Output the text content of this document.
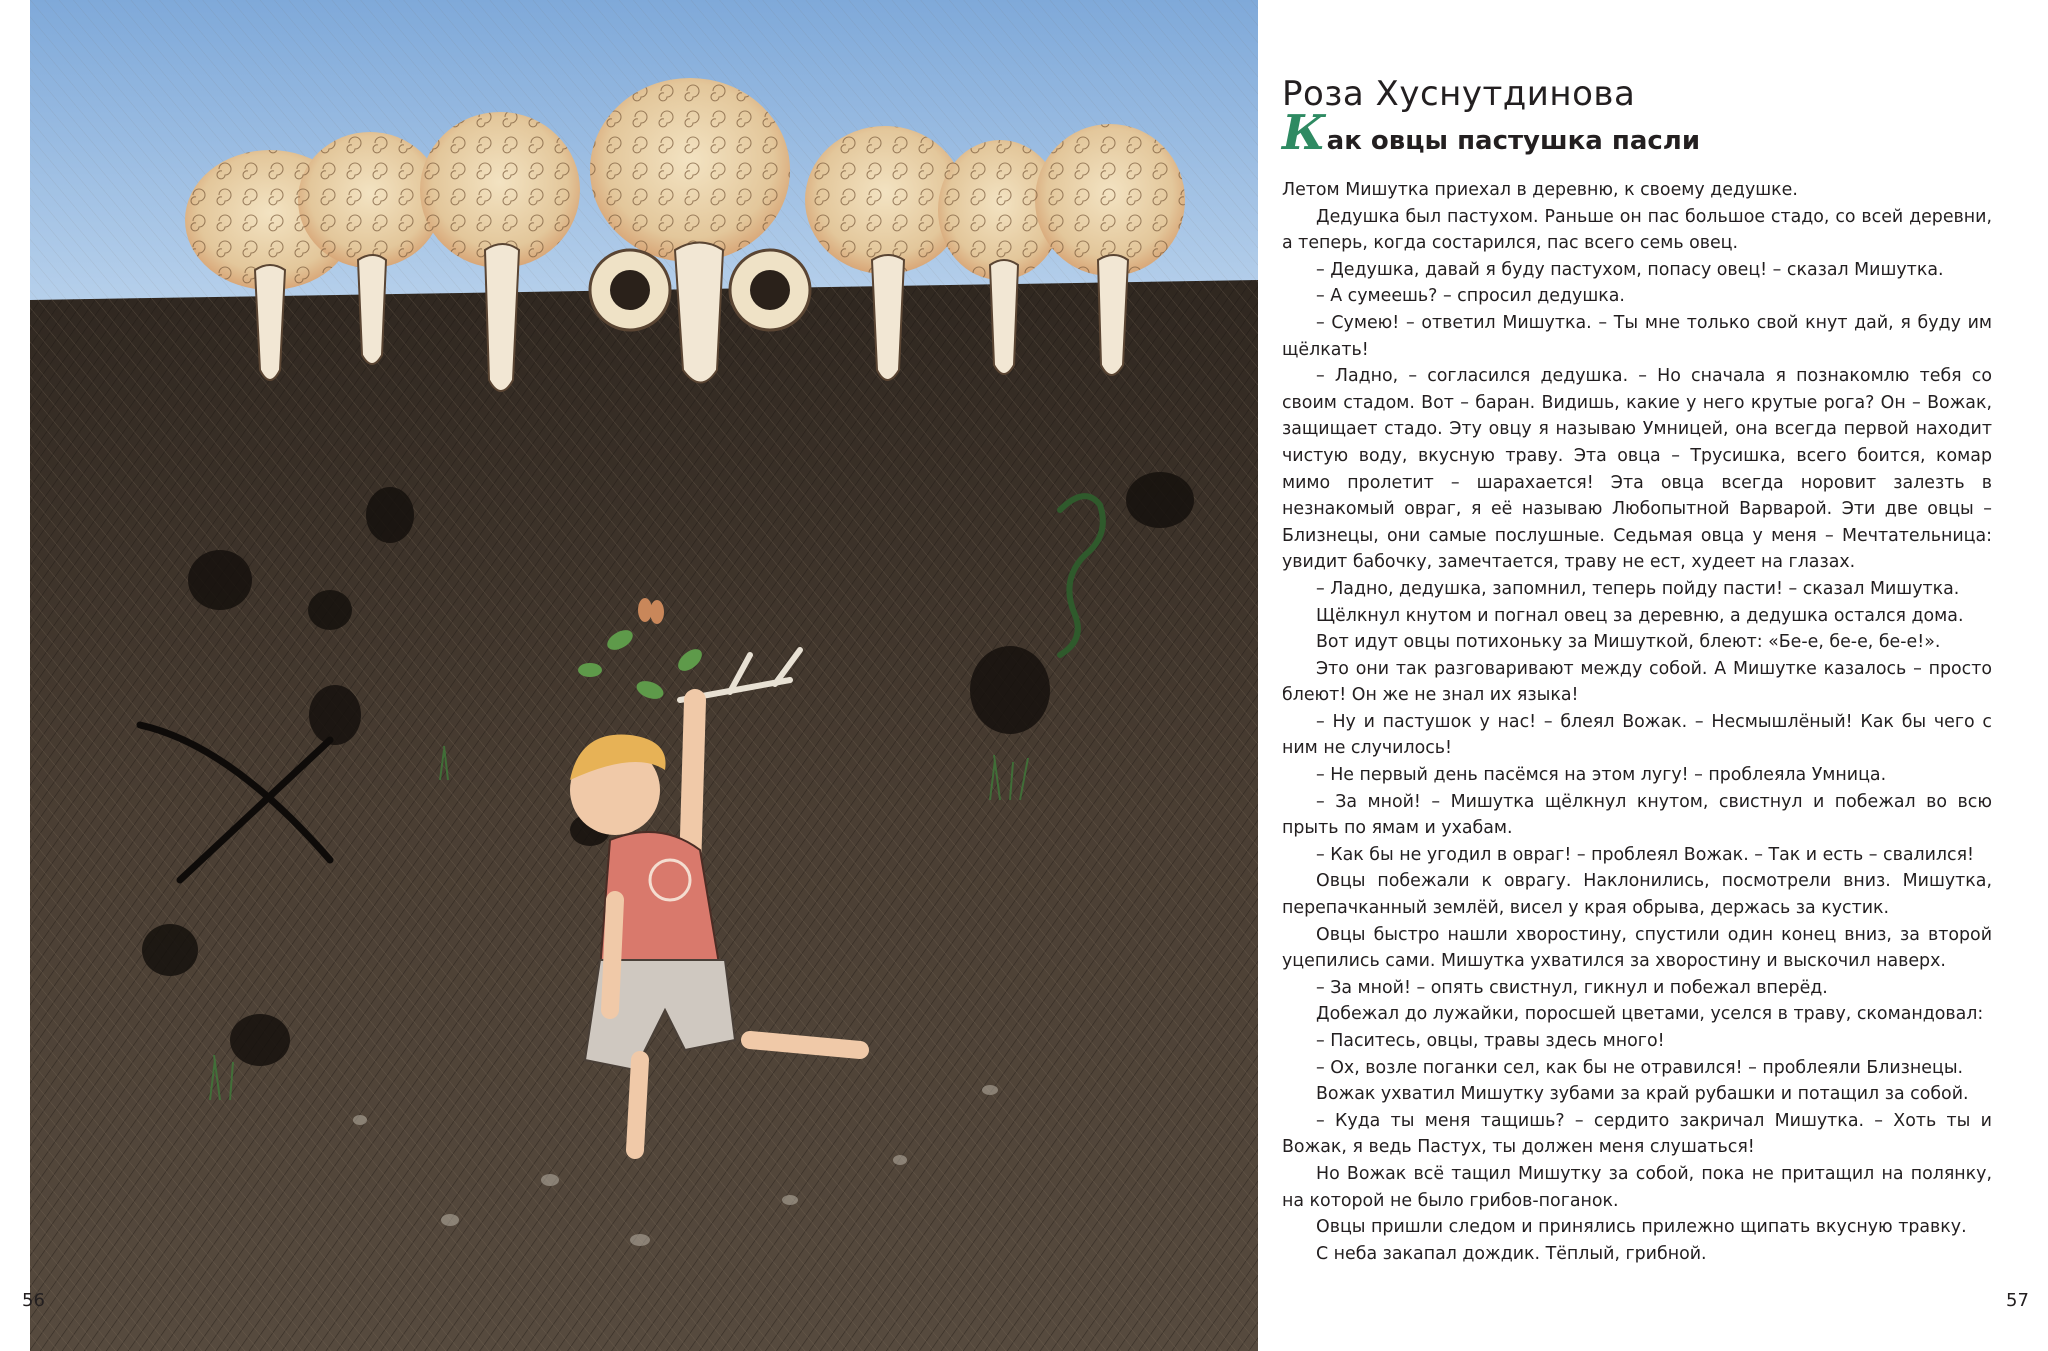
56
Роза Хуснутдинова
Как овцы пастушка пасли

Летом Мишутка приехал в деревню, к своему дедушке.

Дедушка был пастухом. Раньше он пас большое стадо, со всей деревни, а теперь, когда состарился, пас всего семь овец.

– Дедушка, давай я буду пастухом, попасу овец! – сказал Мишутка.

– А сумеешь? – спросил дедушка.

– Сумею! – ответил Мишутка. – Ты мне только свой кнут дай, я буду им щёлкать!

– Ладно, – согласился дедушка. – Но сначала я познакомлю тебя со своим стадом. Вот – баран. Видишь, какие у него крутые рога? Он – Вожак, защищает стадо. Эту овцу я называю Умницей, она всегда первой находит чистую воду, вкусную траву. Эта овца – Трусишка, всего боится, комар мимо пролетит – шарахается! Эта овца всегда норовит залезть в незнакомый овраг, я её называю Любопытной Варварой. Эти две овцы – Близнецы, они самые послушные. Седьмая овца у меня – Мечтательница: увидит бабочку, замечтается, траву не ест, худеет на глазах.

– Ладно, дедушка, запомнил, теперь пойду пасти! – сказал Мишутка.

Щёлкнул кнутом и погнал овец за деревню, а дедушка остался дома.

Вот идут овцы потихоньку за Мишуткой, блеют: «Бе-е, бе-е, бе-е!».

Это они так разговаривают между собой. А Мишутке казалось – просто блеют! Он же не знал их языка!

– Ну и пастушок у нас! – блеял Вожак. – Несмышлёный! Как бы чего с ним не случилось!

– Не первый день пасёмся на этом лугу! – проблеяла Умница.

– За мной! – Мишутка щёлкнул кнутом, свистнул и побежал во всю прыть по ямам и ухабам.

– Как бы не угодил в овраг! – проблеял Вожак. – Так и есть – свалился!

Овцы побежали к оврагу. Наклонились, посмотрели вниз. Мишутка, перепачканный землёй, висел у края обрыва, держась за кустик.

Овцы быстро нашли хворостину, спустили один конец вниз, за второй уцепились сами. Мишутка ухватился за хворостину и выскочил наверх.

– За мной! – опять свистнул, гикнул и побежал вперёд.

Добежал до лужайки, поросшей цветами, уселся в траву, скомандовал:

– Паситесь, овцы, травы здесь много!

– Ох, возле поганки сел, как бы не отравился! – проблеяли Близнецы.

Вожак ухватил Мишутку зубами за край рубашки и потащил за собой.

– Куда ты меня тащишь? – сердито закричал Мишутка. – Хоть ты и Вожак, я ведь Пастух, ты должен меня слушаться!

Но Вожак всё тащил Мишутку за собой, пока не притащил на полянку, на которой не было грибов-поганок.

Овцы пришли следом и принялись прилежно щипать вкусную травку.

С неба закапал дождик. Тёплый, грибной.

57
